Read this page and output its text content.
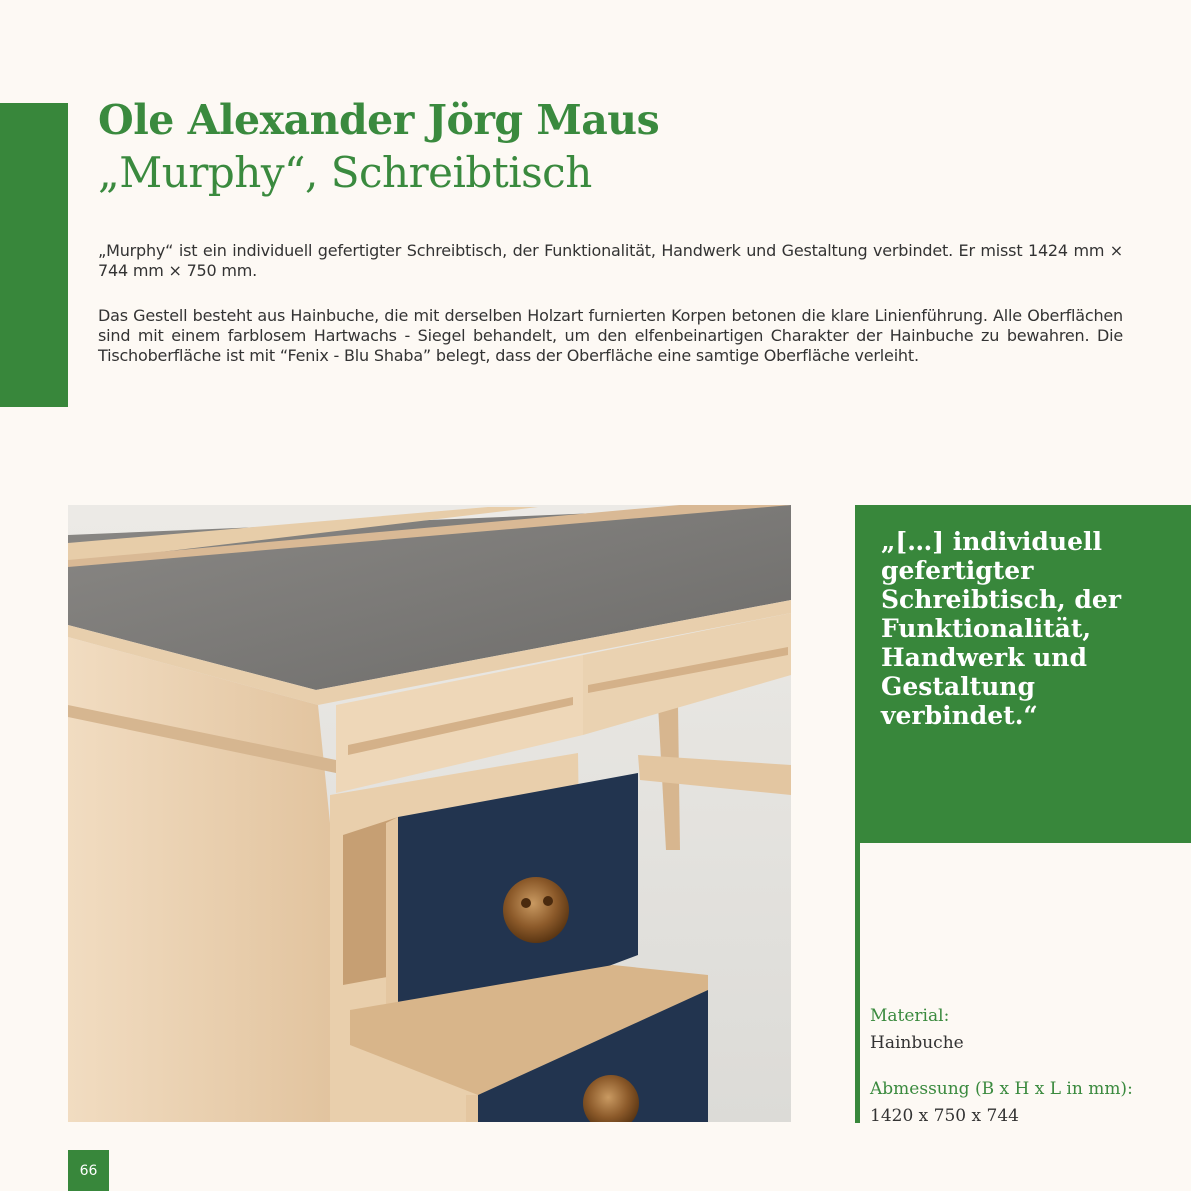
Ole Alexander Jörg Maus
„Murphy“, Schreibtisch
„Murphy“ ist ein individuell gefertigter Schreibtisch, der Funktionalität, Handwerk und Gestaltung verbindet. Er misst 1424 mm × 744 mm × 750 mm.
Das Gestell besteht aus Hainbuche, die mit derselben Holzart furnierten Korpen betonen die klare Linienführung. Alle Oberflächen sind mit einem farblosem Hartwachs - Siegel behandelt, um den elfenbeinartigen Charakter der Hainbuche zu bewahren. Die Tischoberfläche ist mit “Fenix - Blu Shaba” belegt, dass der Oberfläche eine samtige Oberfläche verleiht.
„[…] individuell gefertigter Schreibtisch, der Funktionalität, Handwerk und Gestaltung verbindet.“
Material:
Hainbuche
Abmessung (B x H x L in mm):
1420 x 750 x 744
66
